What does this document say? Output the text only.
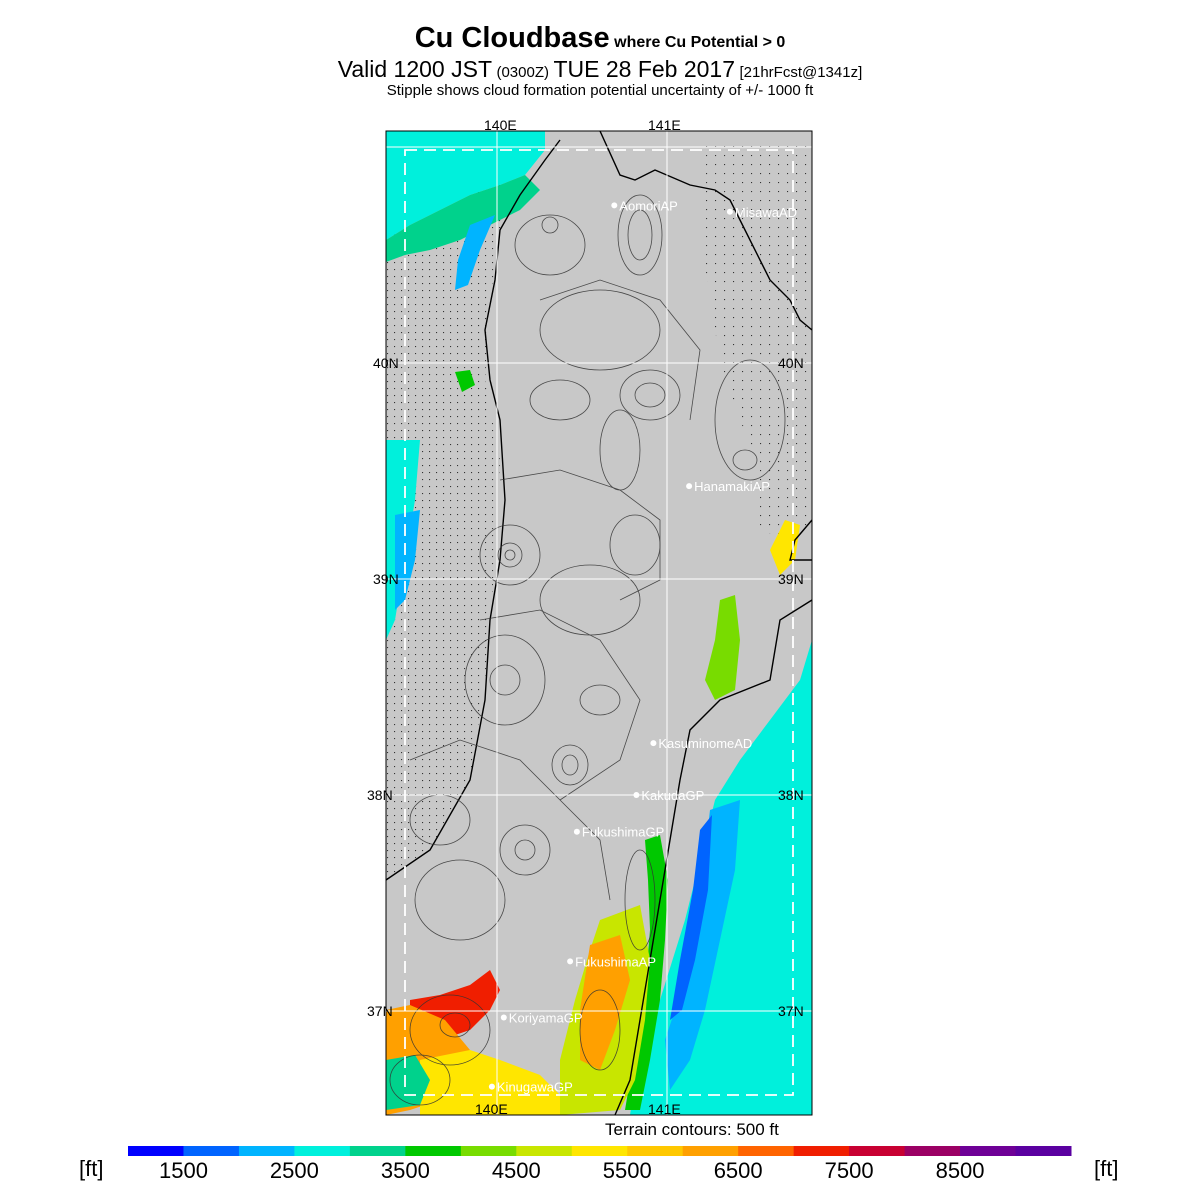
Cu Cloudbase where Cu Potential > 0
Valid 1200 JST (0300Z) TUE 28 Feb 2017 [21hrFcst@1341z]
Stipple shows cloud formation potential uncertainty of +/- 1000 ft
140E	141E
140E	141E
40N
39N
38N
37N
40N
39N
38N
37N
AomoriAP	MisawaAD
HanamakiAP
KasuminomeAD
KakudaGP
FukushimaGP
FukushimaAP
KoriyamaGP
KinugawaGP
1500	2500	3500	4500	5500	6500	7500	8500
Terrain contours: 500 ft
[ft]	[ft]
